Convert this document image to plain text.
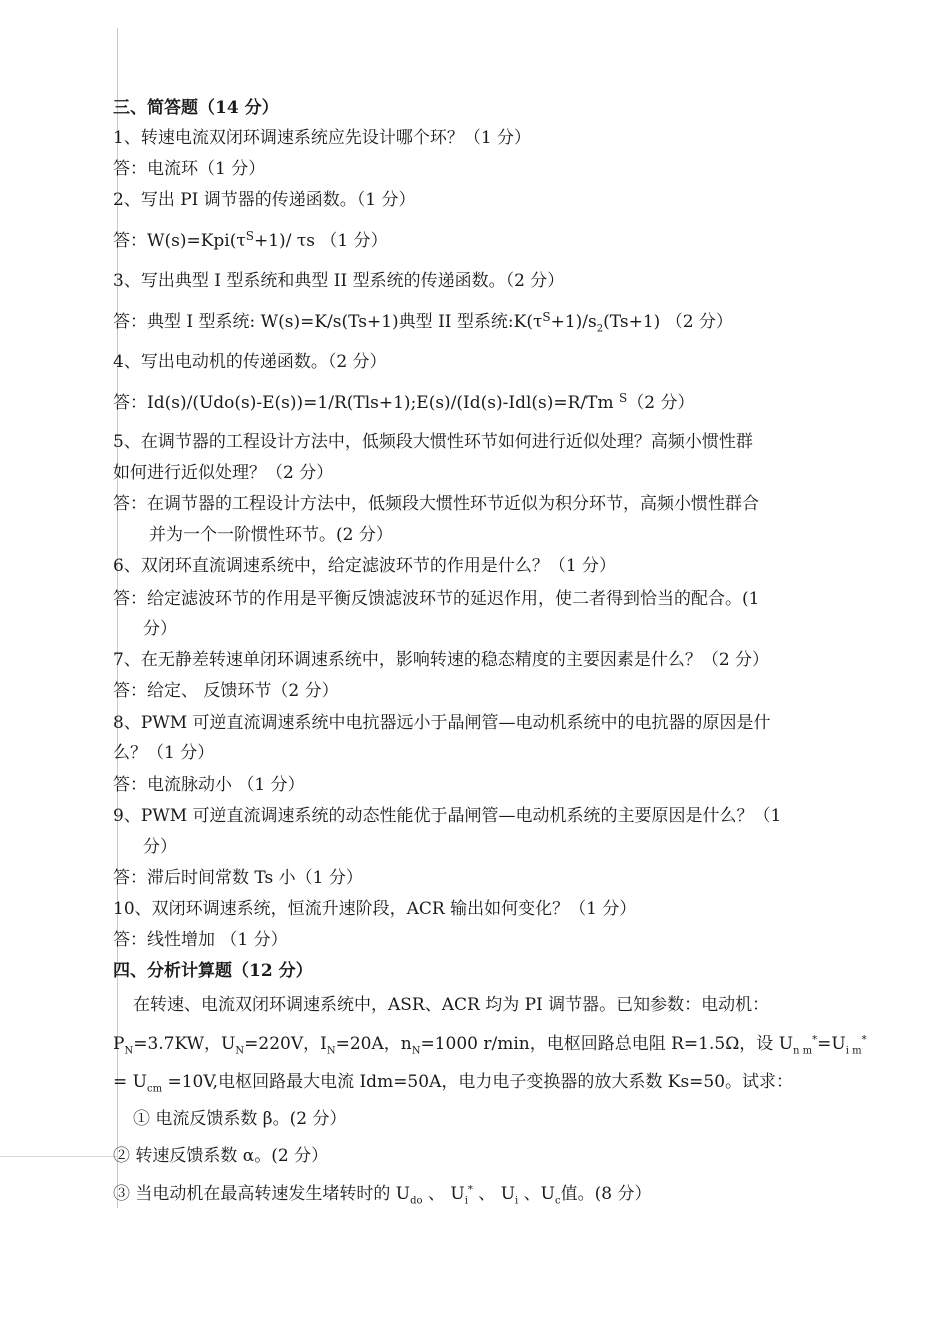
三、简答题（14 分）
1、转速电流双闭环调速系统应先设计哪个环？（1 分）
答：电流环（1 分）
2、写出 PI 调节器的传递函数。（1 分）
答：$W(s)=Kpi(\tau^S+1)/$ τs （1 分）
3、写出典型 I 型系统和典型 II 型系统的传递函数。（2 分）
答：典型 I 型系统: W(s)=K/s(Ts+1)典型 II 型系统$:K(\tau^S+1)/s_2(Ts+1)$ （2 分）
4、写出电动机的传递函数。（2 分）
答：Id(s)/(Udo(s)-E(s))=1/R(Tls+1);E(s)/(Id(s)-Idl(s)=R/Tm $^S$（2 分）
5、在调节器的工程设计方法中，低频段大惯性环节如何进行近似处理？高频小惯性群
如何进行近似处理？（2 分）
答：在调节器的工程设计方法中，低频段大惯性环节近似为积分环节，高频小惯性群合
并为一个一阶惯性环节。(2 分）
6、双闭环直流调速系统中，给定滤波环节的作用是什么？（1 分）
答：给定滤波环节的作用是平衡反馈滤波环节的延迟作用，使二者得到恰当的配合。(1
分）
7、在无静差转速单闭环调速系统中，影响转速的稳态精度的主要因素是什么？（2 分）
答：给定、 反馈环节（2 分）
8、PWM 可逆直流调速系统中电抗器远小于晶闸管—电动机系统中的电抗器的原因是什
么？（1 分）
答：电流脉动小 （1 分）
9、PWM 可逆直流调速系统的动态性能优于晶闸管—电动机系统的主要原因是什么？（1
分）
答：滞后时间常数 Ts 小（1 分）
10、双闭环调速系统，恒流升速阶段，ACR 输出如何变化？（1 分）
答：线性增加 （1 分）
四、分析计算题（12 分）
在转速、电流双闭环调速系统中，ASR、ACR 均为 PI 调节器。已知参数：电动机：
$P_N=3.7KW$，$U_N=220V$，$I_N=20A$，$n_N=1000$ r/min，电枢回路总电阻 R=1.5Ω，设 $U_{n m}^*=U_{i m}^*$
= $U_{cm} =10V$,电枢回路最大电流 Idm=50A，电力电子变换器的放大系数 Ks=50。试求：
① 电流反馈系数 β。(2 分）
② 转速反馈系数 α。(2 分）
③ 当电动机在最高转速发生堵转时的 $U_{do}$ 、 $U_i^*$ 、 $U_i$ 、$U_c$值。(8 分）
